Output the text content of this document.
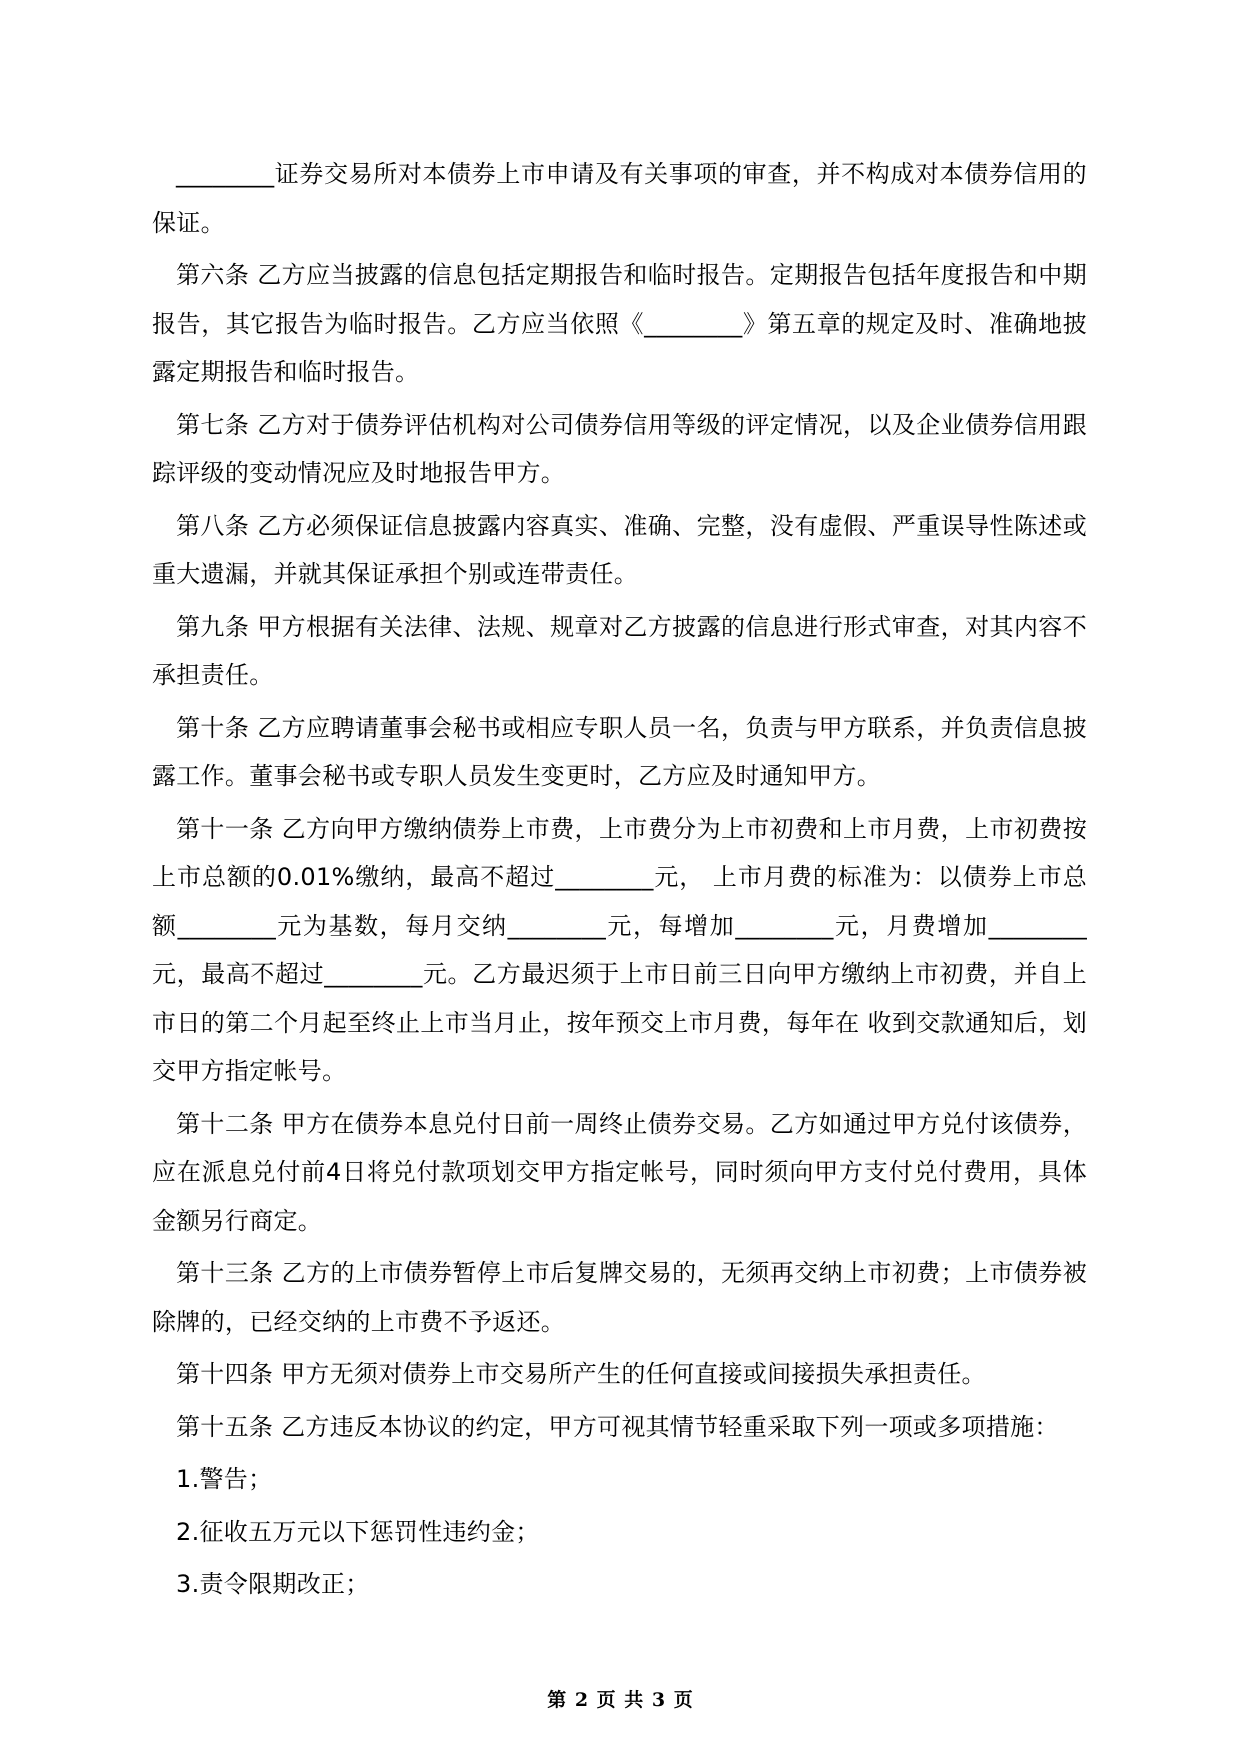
________证券交易所对本债券上市申请及有关事项的审查，并不构成对本债券信用的保证。

第六条 乙方应当披露的信息包括定期报告和临时报告。定期报告包括年度报告和中期报告，其它报告为临时报告。乙方应当依照《________》第五章的规定及时、准确地披露定期报告和临时报告。

第七条 乙方对于债券评估机构对公司债券信用等级的评定情况，以及企业债券信用跟踪评级的变动情况应及时地报告甲方。

第八条 乙方必须保证信息披露内容真实、准确、完整，没有虚假、严重误导性陈述或重大遗漏，并就其保证承担个别或连带责任。

第九条 甲方根据有关法律、法规、规章对乙方披露的信息进行形式审查，对其内容不承担责任。

第十条 乙方应聘请董事会秘书或相应专职人员一名，负责与甲方联系，并负责信息披露工作。董事会秘书或专职人员发生变更时，乙方应及时通知甲方。

第十一条 乙方向甲方缴纳债券上市费，上市费分为上市初费和上市月费，上市初费按上市总额的0.01%缴纳，最高不超过________元， 上市月费的标准为：以债券上市总额________元为基数，每月交纳________元，每增加________元，月费增加________ 元，最高不超过________元。乙方最迟须于上市日前三日向甲方缴纳上市初费，并自上市日的第二个月起至终止上市当月止，按年预交上市月费，每年在 收到交款通知后，划交甲方指定帐号。

第十二条 甲方在债券本息兑付日前一周终止债券交易。乙方如通过甲方兑付该债券，应在派息兑付前4日将兑付款项划交甲方指定帐号，同时须向甲方支付兑付费用，具体金额另行商定。

第十三条 乙方的上市债券暂停上市后复牌交易的，无须再交纳上市初费；上市债券被除牌的，已经交纳的上市费不予返还。

第十四条 甲方无须对债券上市交易所产生的任何直接或间接损失承担责任。

第十五条 乙方违反本协议的约定，甲方可视其情节轻重采取下列一项或多项措施：

1.警告；

2.征收五万元以下惩罚性违约金；

3.责令限期改正；

第 2 页 共 3 页
